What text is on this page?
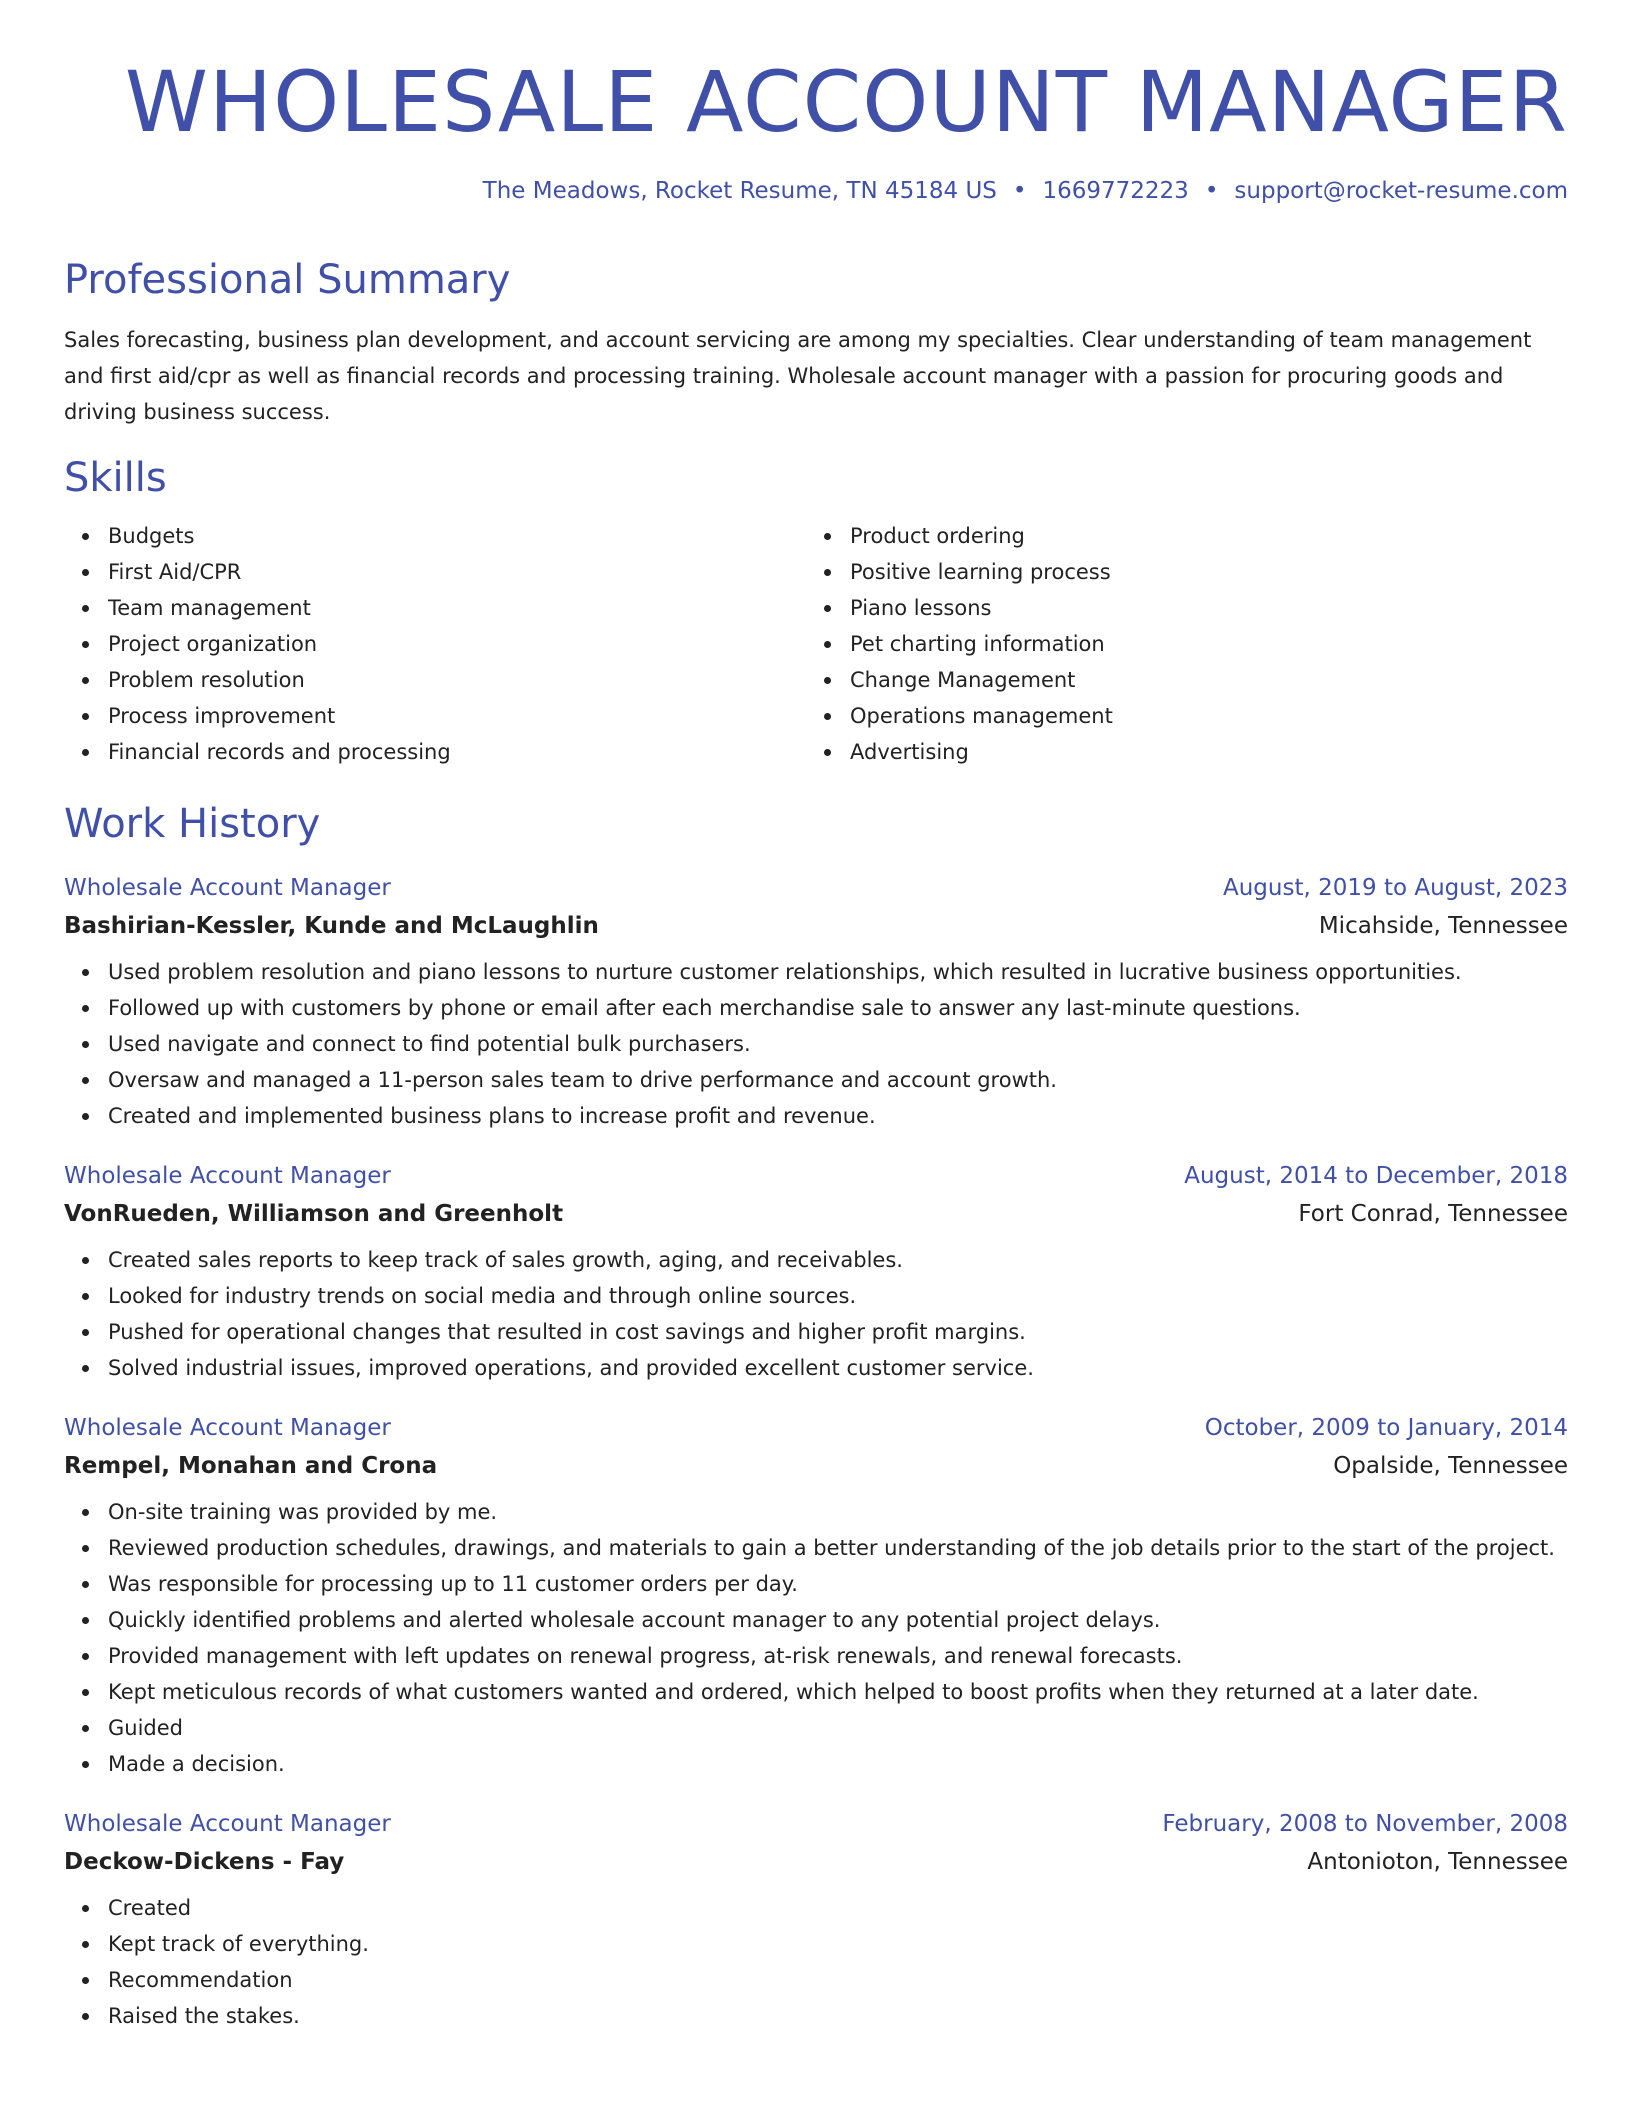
WHOLESALE ACCOUNT MANAGER
The Meadows, Rocket Resume, TN 45184 US • 1669772223 • support@rocket-resume.com
Professional Summary
Sales forecasting, business plan development, and account servicing are among my specialties. Clear understanding of team management and first aid/cpr as well as financial records and processing training. Wholesale account manager with a passion for procuring goods and driving business success.
Skills
Budgets
First Aid/CPR
Team management
Project organization
Problem resolution
Process improvement
Financial records and processing
Product ordering
Positive learning process
Piano lessons
Pet charting information
Change Management
Operations management
Advertising
Work History
Wholesale Account Manager	August, 2019 to August, 2023
Bashirian-Kessler, Kunde and McLaughlin	Micahside, Tennessee
Used problem resolution and piano lessons to nurture customer relationships, which resulted in lucrative business opportunities.
Followed up with customers by phone or email after each merchandise sale to answer any last-minute questions.
Used navigate and connect to find potential bulk purchasers.
Oversaw and managed a 11-person sales team to drive performance and account growth.
Created and implemented business plans to increase profit and revenue.
Wholesale Account Manager	August, 2014 to December, 2018
VonRueden, Williamson and Greenholt	Fort Conrad, Tennessee
Created sales reports to keep track of sales growth, aging, and receivables.
Looked for industry trends on social media and through online sources.
Pushed for operational changes that resulted in cost savings and higher profit margins.
Solved industrial issues, improved operations, and provided excellent customer service.
Wholesale Account Manager	October, 2009 to January, 2014
Rempel, Monahan and Crona	Opalside, Tennessee
On-site training was provided by me.
Reviewed production schedules, drawings, and materials to gain a better understanding of the job details prior to the start of the project.
Was responsible for processing up to 11 customer orders per day.
Quickly identified problems and alerted wholesale account manager to any potential project delays.
Provided management with left updates on renewal progress, at-risk renewals, and renewal forecasts.
Kept meticulous records of what customers wanted and ordered, which helped to boost profits when they returned at a later date.
Guided
Made a decision.
Wholesale Account Manager	February, 2008 to November, 2008
Deckow-Dickens - Fay	Antonioton, Tennessee
Created
Kept track of everything.
Recommendation
Raised the stakes.
